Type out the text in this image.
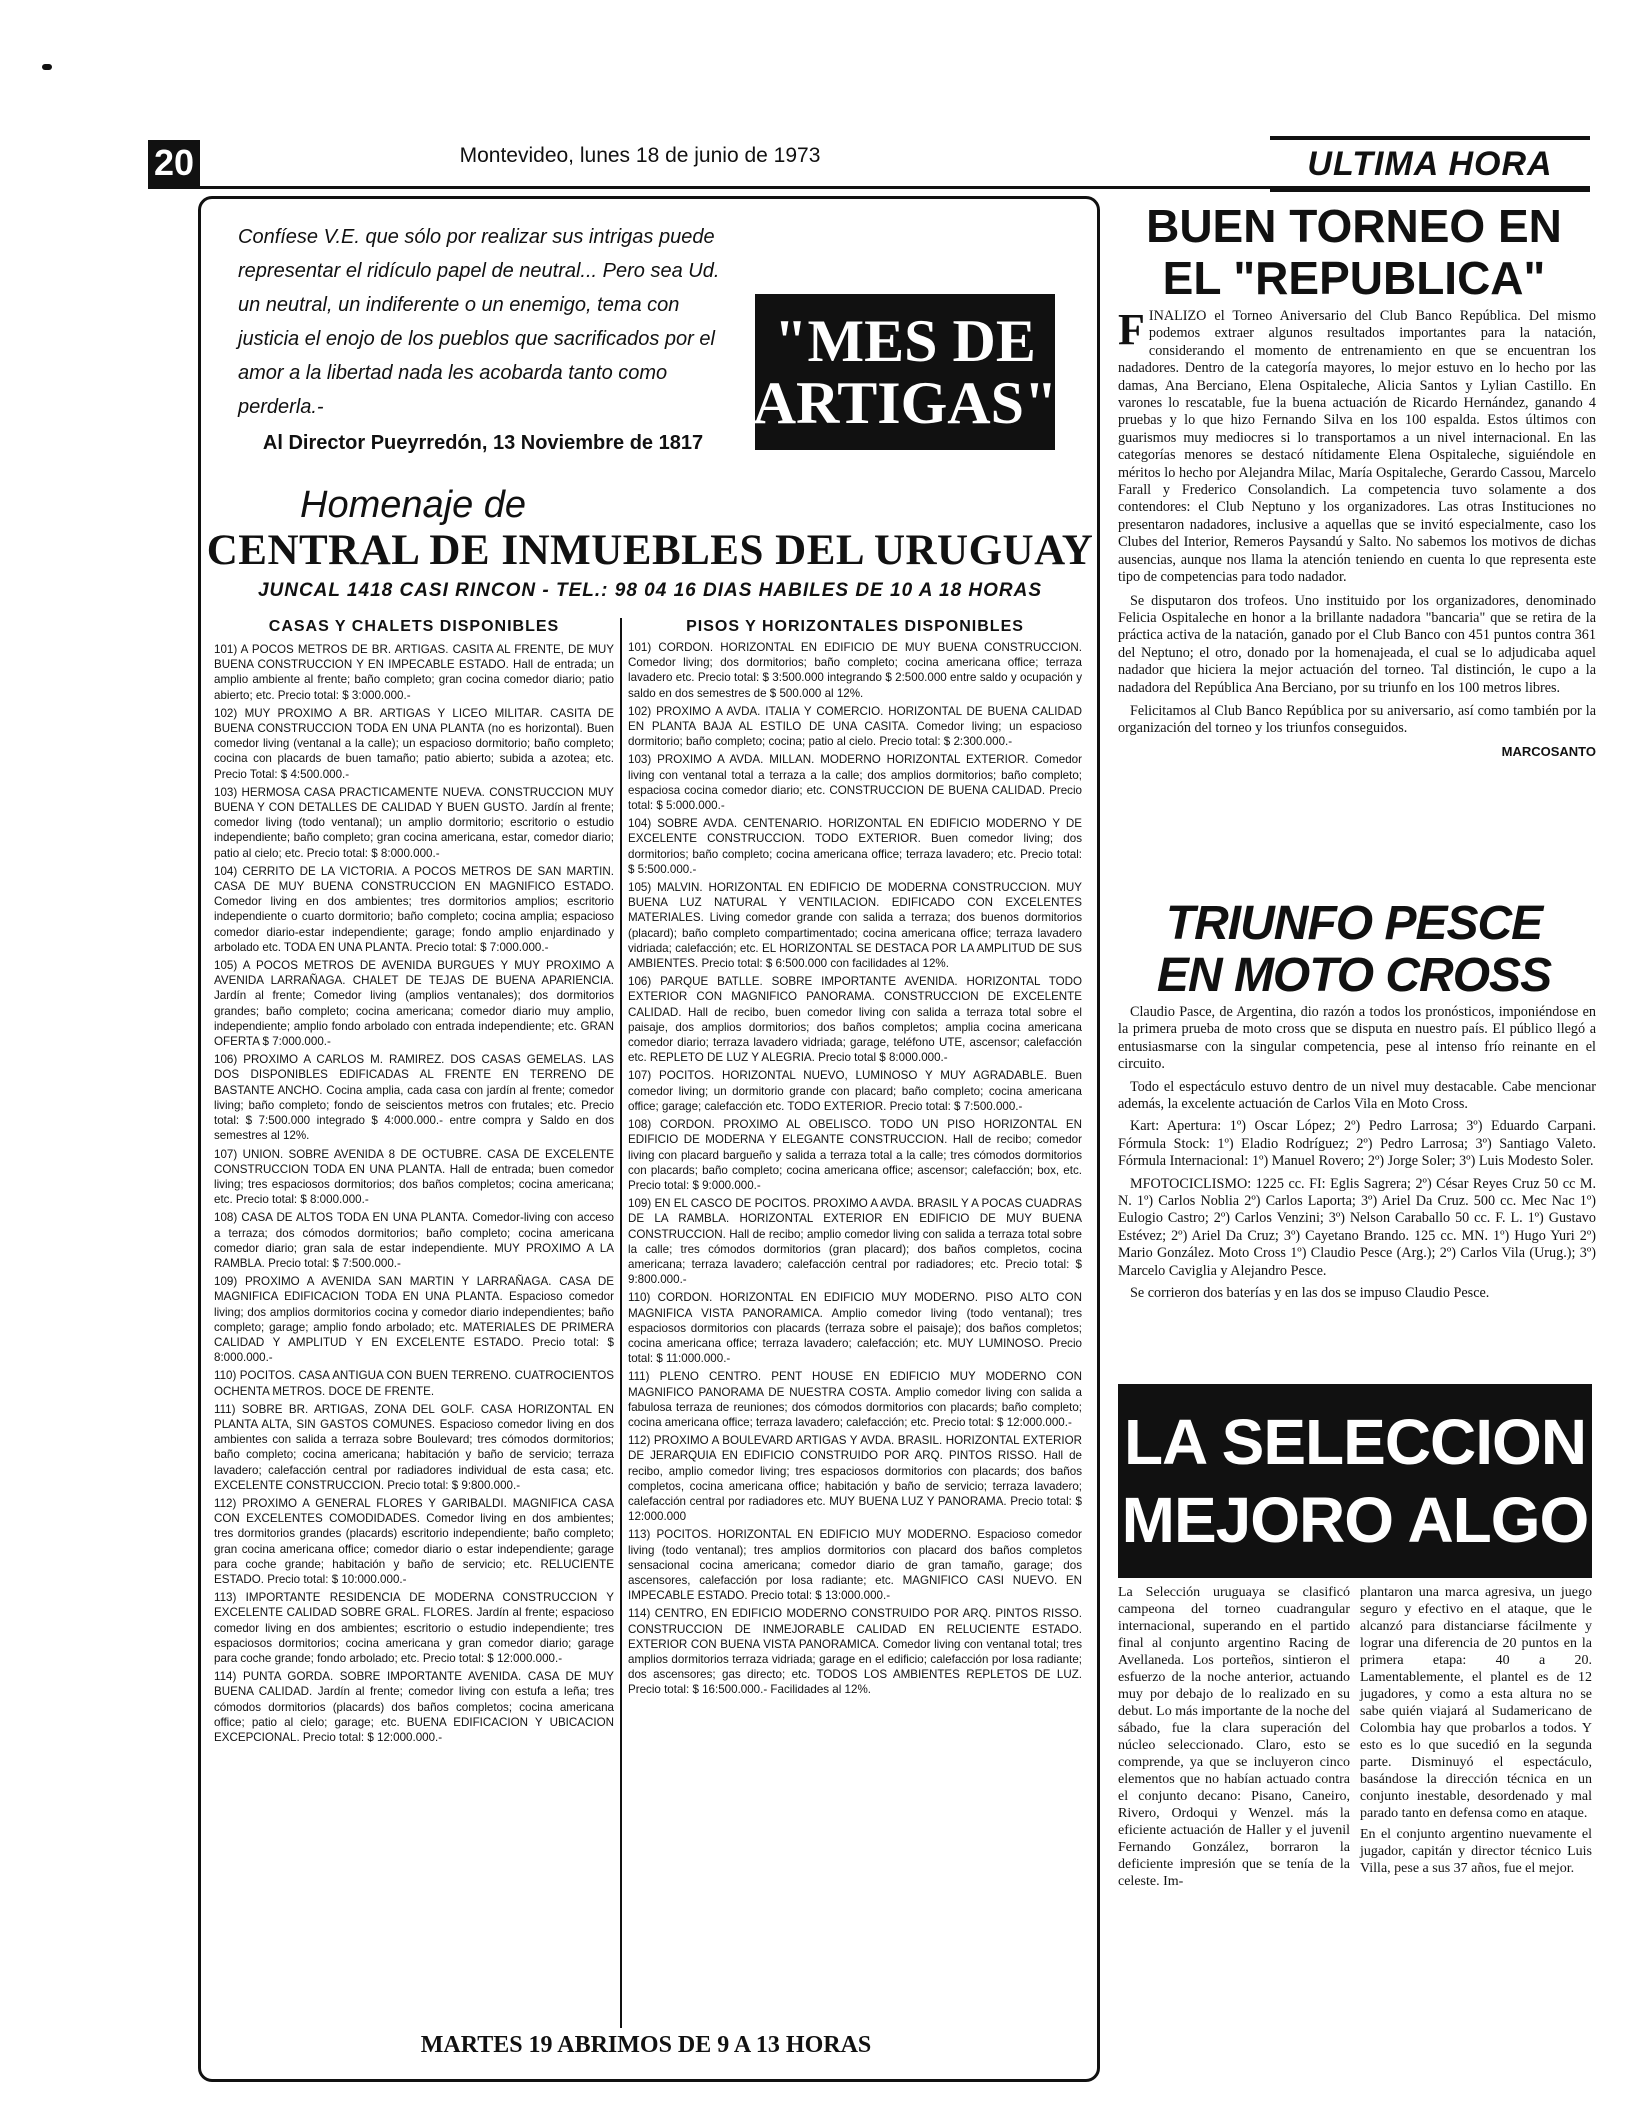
20	Montevideo, lunes 18 de junio de 1973	ULTIMA HORA
Confíese V.E. que sólo por realizar sus intrigas puede representar el ridículo papel de neutral... Pero sea Ud. un neutral, un indiferente o un enemigo, tema con justicia el enojo de los pueblos que sacrificados por el amor a la libertad nada les acobarda tanto como perderla.-
Al Director Pueyrredón, 13 Noviembre de 1817
"MES DE
ARTIGAS"
Homenaje de
CENTRAL DE INMUEBLES DEL URUGUAY
JUNCAL 1418 CASI RINCON - TEL.: 98 04 16 DIAS HABILES DE 10 A 18 HORAS
CASAS Y CHALETS DISPONIBLES

101) A POCOS METROS DE BR. ARTIGAS. CASITA AL FRENTE, DE MUY BUENA CONSTRUCCION Y EN IMPECABLE ESTADO. Hall de entrada; un amplio ambiente al frente; baño completo; gran cocina comedor diario; patio abierto; etc. Precio total: $ 3:000.000.-

102) MUY PROXIMO A BR. ARTIGAS Y LICEO MILITAR. CASITA DE BUENA CONSTRUCCION TODA EN UNA PLANTA (no es horizontal). Buen comedor living (ventanal a la calle); un espacioso dormitorio; baño completo; cocina con placards de buen tamaño; patio abierto; subida a azotea; etc. Precio Total: $ 4:500.000.-

103) HERMOSA CASA PRACTICAMENTE NUEVA. CONSTRUCCION MUY BUENA Y CON DETALLES DE CALIDAD Y BUEN GUSTO. Jardín al frente; comedor living (todo ventanal); un amplio dormitorio; escritorio o estudio independiente; baño completo; gran cocina americana, estar, comedor diario; patio al cielo; etc. Precio total: $ 8:000.000.-

104) CERRITO DE LA VICTORIA. A POCOS METROS DE SAN MARTIN. CASA DE MUY BUENA CONSTRUCCION EN MAGNIFICO ESTADO. Comedor living en dos ambientes; tres dormitorios amplios; escritorio independiente o cuarto dormitorio; baño completo; cocina amplia; espacioso comedor diario-estar independiente; garage; fondo amplio enjardinado y arbolado etc. TODA EN UNA PLANTA. Precio total: $ 7:000.000.-

105) A POCOS METROS DE AVENIDA BURGUES Y MUY PROXIMO A AVENIDA LARRAÑAGA. CHALET DE TEJAS DE BUENA APARIENCIA. Jardín al frente; Comedor living (amplios ventanales); dos dormitorios grandes; baño completo; cocina americana; comedor diario muy amplio, independiente; amplio fondo arbolado con entrada independiente; etc. GRAN OFERTA $ 7:000.000.-

106) PROXIMO A CARLOS M. RAMIREZ. DOS CASAS GEMELAS. LAS DOS DISPONIBLES EDIFICADAS AL FRENTE EN TERRENO DE BASTANTE ANCHO. Cocina amplia, cada casa con jardín al frente; comedor living; baño completo; fondo de seiscientos metros con frutales; etc. Precio total: $ 7:500.000 integrado $ 4:000.000.- entre compra y Saldo en dos semestres al 12%.

107) UNION. SOBRE AVENIDA 8 DE OCTUBRE. CASA DE EXCELENTE CONSTRUCCION TODA EN UNA PLANTA. Hall de entrada; buen comedor living; tres espaciosos dormitorios; dos baños completos; cocina americana; etc. Precio total: $ 8:000.000.-

108) CASA DE ALTOS TODA EN UNA PLANTA. Comedor-living con acceso a terraza; dos cómodos dormitorios; baño completo; cocina americana comedor diario; gran sala de estar independiente. MUY PROXIMO A LA RAMBLA. Precio total: $ 7:500.000.-

109) PROXIMO A AVENIDA SAN MARTIN Y LARRAÑAGA. CASA DE MAGNIFICA EDIFICACION TODA EN UNA PLANTA. Espacioso comedor living; dos amplios dormitorios cocina y comedor diario independientes; baño completo; garage; amplio fondo arbolado; etc. MATERIALES DE PRIMERA CALIDAD Y AMPLITUD Y EN EXCELENTE ESTADO. Precio total: $ 8:000.000.-

110) POCITOS. CASA ANTIGUA CON BUEN TERRENO. CUATROCIENTOS OCHENTA METROS. DOCE DE FRENTE.

111) SOBRE BR. ARTIGAS, ZONA DEL GOLF. CASA HORIZONTAL EN PLANTA ALTA, SIN GASTOS COMUNES. Espacioso comedor living en dos ambientes con salida a terraza sobre Boulevard; tres cómodos dormitorios; baño completo; cocina americana; habitación y baño de servicio; terraza lavadero; calefacción central por radiadores individual de esta casa; etc. EXCELENTE CONSTRUCCION. Precio total: $ 9:800.000.-

112) PROXIMO A GENERAL FLORES Y GARIBALDI. MAGNIFICA CASA CON EXCELENTES COMODIDADES. Comedor living en dos ambientes; tres dormitorios grandes (placards) escritorio independiente; baño completo; gran cocina americana office; comedor diario o estar independiente; garage para coche grande; habitación y baño de servicio; etc. RELUCIENTE ESTADO. Precio total: $ 10:000.000.-

113) IMPORTANTE RESIDENCIA DE MODERNA CONSTRUCCION Y EXCELENTE CALIDAD SOBRE GRAL. FLORES. Jardín al frente; espacioso comedor living en dos ambientes; escritorio o estudio independiente; tres espaciosos dormitorios; cocina americana y gran comedor diario; garage para coche grande; fondo arbolado; etc. Precio total: $ 12:000.000.-

114) PUNTA GORDA. SOBRE IMPORTANTE AVENIDA. CASA DE MUY BUENA CALIDAD. Jardín al frente; comedor living con estufa a leña; tres cómodos dormitorios (placards) dos baños completos; cocina americana office; patio al cielo; garage; etc. BUENA EDIFICACION Y UBICACION EXCEPCIONAL. Precio total: $ 12:000.000.-

PISOS Y HORIZONTALES DISPONIBLES

101) CORDON. HORIZONTAL EN EDIFICIO DE MUY BUENA CONSTRUCCION. Comedor living; dos dormitorios; baño completo; cocina americana office; terraza lavadero etc. Precio total: $ 3:500.000 integrando $ 2:500.000 entre saldo y ocupación y saldo en dos semestres de $ 500.000 al 12%.

102) PROXIMO A AVDA. ITALIA Y COMERCIO. HORIZONTAL DE BUENA CALIDAD EN PLANTA BAJA AL ESTILO DE UNA CASITA. Comedor living; un espacioso dormitorio; baño completo; cocina; patio al cielo. Precio total: $ 2:300.000.-

103) PROXIMO A AVDA. MILLAN. MODERNO HORIZONTAL EXTERIOR. Comedor living con ventanal total a terraza a la calle; dos amplios dormitorios; baño completo; espaciosa cocina comedor diario; etc. CONSTRUCCION DE BUENA CALIDAD. Precio total: $ 5:000.000.-

104) SOBRE AVDA. CENTENARIO. HORIZONTAL EN EDIFICIO MODERNO Y DE EXCELENTE CONSTRUCCION. TODO EXTERIOR. Buen comedor living; dos dormitorios; baño completo; cocina americana office; terraza lavadero; etc. Precio total: $ 5:500.000.-

105) MALVIN. HORIZONTAL EN EDIFICIO DE MODERNA CONSTRUCCION. MUY BUENA LUZ NATURAL Y VENTILACION. EDIFICADO CON EXCELENTES MATERIALES. Living comedor grande con salida a terraza; dos buenos dormitorios (placard); baño completo compartimentado; cocina americana office; terraza lavadero vidriada; calefacción; etc. EL HORIZONTAL SE DESTACA POR LA AMPLITUD DE SUS AMBIENTES. Precio total: $ 6:500.000 con facilidades al 12%.

106) PARQUE BATLLE. SOBRE IMPORTANTE AVENIDA. HORIZONTAL TODO EXTERIOR CON MAGNIFICO PANORAMA. CONSTRUCCION DE EXCELENTE CALIDAD. Hall de recibo, buen comedor living con salida a terraza total sobre el paisaje, dos amplios dormitorios; dos baños completos; amplia cocina americana comedor diario; terraza lavadero vidriada; garage, teléfono UTE, ascensor; calefacción etc. REPLETO DE LUZ Y ALEGRIA. Precio total $ 8:000.000.-

107) POCITOS. HORIZONTAL NUEVO, LUMINOSO Y MUY AGRADABLE. Buen comedor living; un dormitorio grande con placard; baño completo; cocina americana office; garage; calefacción etc. TODO EXTERIOR. Precio total: $ 7:500.000.-

108) CORDON. PROXIMO AL OBELISCO. TODO UN PISO HORIZONTAL EN EDIFICIO DE MODERNA Y ELEGANTE CONSTRUCCION. Hall de recibo; comedor living con placard bargueño y salida a terraza total a la calle; tres cómodos dormitorios con placards; baño completo; cocina americana office; ascensor; calefacción; box, etc. Precio total: $ 9:000.000.-

109) EN EL CASCO DE POCITOS. PROXIMO A AVDA. BRASIL Y A POCAS CUADRAS DE LA RAMBLA. HORIZONTAL EXTERIOR EN EDIFICIO DE MUY BUENA CONSTRUCCION. Hall de recibo; amplio comedor living con salida a terraza total sobre la calle; tres cómodos dormitorios (gran placard); dos baños completos, cocina americana; terraza lavadero; calefacción central por radiadores; etc. Precio total: $ 9:800.000.-

110) CORDON. HORIZONTAL EN EDIFICIO MUY MODERNO. PISO ALTO CON MAGNIFICA VISTA PANORAMICA. Amplio comedor living (todo ventanal); tres espaciosos dormitorios con placards (terraza sobre el paisaje); dos baños completos; cocina americana office; terraza lavadero; calefacción; etc. MUY LUMINOSO. Precio total: $ 11:000.000.-

111) PLENO CENTRO. PENT HOUSE EN EDIFICIO MUY MODERNO CON MAGNIFICO PANORAMA DE NUESTRA COSTA. Amplio comedor living con salida a fabulosa terraza de reuniones; dos cómodos dormitorios con placards; baño completo; cocina americana office; terraza lavadero; calefacción; etc. Precio total: $ 12:000.000.-

112) PROXIMO A BOULEVARD ARTIGAS Y AVDA. BRASIL. HORIZONTAL EXTERIOR DE JERARQUIA EN EDIFICIO CONSTRUIDO POR ARQ. PINTOS RISSO. Hall de recibo, amplio comedor living; tres espaciosos dormitorios con placards; dos baños completos, cocina americana office; habitación y baño de servicio; terraza lavadero; calefacción central por radiadores etc. MUY BUENA LUZ Y PANORAMA. Precio total: $ 12:000.000

113) POCITOS. HORIZONTAL EN EDIFICIO MUY MODERNO. Espacioso comedor living (todo ventanal); tres amplios dormitorios con placard dos baños completos sensacional cocina americana; comedor diario de gran tamaño, garage; dos ascensores, calefacción por losa radiante; etc. MAGNIFICO CASI NUEVO. EN IMPECABLE ESTADO. Precio total: $ 13:000.000.-

114) CENTRO, EN EDIFICIO MODERNO CONSTRUIDO POR ARQ. PINTOS RISSO. CONSTRUCCION DE INMEJORABLE CALIDAD EN RELUCIENTE ESTADO. EXTERIOR CON BUENA VISTA PANORAMICA. Comedor living con ventanal total; tres amplios dormitorios terraza vidriada; garage en el edificio; calefacción por losa radiante; dos ascensores; gas directo; etc. TODOS LOS AMBIENTES REPLETOS DE LUZ. Precio total: $ 16:500.000.- Facilidades al 12%.

MARTES 19 ABRIMOS DE 9 A 13 HORAS
BUEN TORNEO EN
EL "REPUBLICA"

FINALIZO el Torneo Aniversario del Club Banco República. Del mismo podemos extraer algunos resultados importantes para la natación, considerando el momento de entrenamiento en que se encuentran los nadadores. Dentro de la categoría mayores, lo mejor estuvo en lo hecho por las damas, Ana Berciano, Elena Ospitaleche, Alicia Santos y Lylian Castillo. En varones lo rescatable, fue la buena actuación de Ricardo Hernández, ganando 4 pruebas y lo que hizo Fernando Silva en los 100 espalda. Estos últimos con guarismos muy mediocres si lo transportamos a un nivel internacional. En las categorías menores se destacó nítidamente Elena Ospitaleche, siguiéndole en méritos lo hecho por Alejandra Milac, María Ospitaleche, Gerardo Cassou, Marcelo Farall y Frederico Consolandich. La competencia tuvo solamente a dos contendores: el Club Neptuno y los organizadores. Las otras Instituciones no presentaron nadadores, inclusive a aquellas que se invitó especialmente, caso los Clubes del Interior, Remeros Paysandú y Salto. No sabemos los motivos de dichas ausencias, aunque nos llama la atención teniendo en cuenta lo que representa este tipo de competencias para todo nadador.

Se disputaron dos trofeos. Uno instituido por los organizadores, denominado Felicia Ospitaleche en honor a la brillante nadadora "bancaria" que se retira de la práctica activa de la natación, ganado por el Club Banco con 451 puntos contra 361 del Neptuno; el otro, donado por la homenajeada, el cual se lo adjudicaba aquel nadador que hiciera la mejor actuación del torneo. Tal distinción, le cupo a la nadadora del República Ana Berciano, por su triunfo en los 100 metros libres.

Felicitamos al Club Banco República por su aniversario, así como también por la organización del torneo y los triunfos conseguidos.

MARCOSANTO
TRIUNFO PESCE
EN MOTO CROSS

Claudio Pasce, de Argentina, dio razón a todos los pronósticos, imponiéndose en la primera prueba de moto cross que se disputa en nuestro país. El público llegó a entusiasmarse con la singular competencia, pese al intenso frío reinante en el circuito.

Todo el espectáculo estuvo dentro de un nivel muy destacable. Cabe mencionar además, la excelente actuación de Carlos Vila en Moto Cross.

Kart: Apertura: 1º) Oscar López; 2º) Pedro Larrosa; 3º) Eduardo Carpani. Fórmula Stock: 1º) Eladio Rodríguez; 2º) Pedro Larrosa; 3º) Santiago Valeto. Fórmula Internacional: 1º) Manuel Rovero; 2º) Jorge Soler; 3º) Luis Modesto Soler.

MFOTOCICLISMO: 1225 cc. FI: Eglis Sagrera; 2º) César Reyes Cruz 50 cc M. N. 1º) Carlos Noblia 2º) Carlos Laporta; 3º) Ariel Da Cruz. 500 cc. Mec Nac 1º) Eulogio Castro; 2º) Carlos Venzini; 3º) Nelson Caraballo 50 cc. F. L. 1º) Gustavo Estévez; 2º) Ariel Da Cruz; 3º) Cayetano Brando. 125 cc. MN. 1º) Hugo Yuri 2º) Mario González. Moto Cross 1º) Claudio Pesce (Arg.); 2º) Carlos Vila (Urug.); 3º) Marcelo Caviglia y Alejandro Pesce.

Se corrieron dos baterías y en las dos se impuso Claudio Pesce.

LA SELECCION
MEJORO ALGO

La Selección uruguaya se clasificó campeona del torneo cuadrangular internacional, superando en el partido final al conjunto argentino Racing de Avellaneda. Los porteños, sintieron el esfuerzo de la noche anterior, actuando muy por debajo de lo realizado en su debut. Lo más importante de la noche del sábado, fue la clara superación del núcleo seleccionado. Claro, esto se comprende, ya que se incluyeron cinco elementos que no habían actuado contra el conjunto decano: Pisano, Caneiro, Rivero, Ordoqui y Wenzel. más la eficiente actuación de Haller y el juvenil Fernando González, borraron la deficiente impresión que se tenía de la celeste. Im-

plantaron una marca agresiva, un juego seguro y efectivo en el ataque, que le alcanzó para distanciarse fácilmente y lograr una diferencia de 20 puntos en la primera etapa: 40 a 20. Lamentablemente, el plantel es de 12 jugadores, y como a esta altura no se sabe quién viajará al Sudamericano de Colombia hay que probarlos a todos. Y esto es lo que sucedió en la segunda parte. Disminuyó el espectáculo, basándose la dirección técnica en un conjunto inestable, desordenado y mal parado tanto en defensa como en ataque.

En el conjunto argentino nuevamente el jugador, capitán y director técnico Luis Villa, pese a sus 37 años, fue el mejor.
